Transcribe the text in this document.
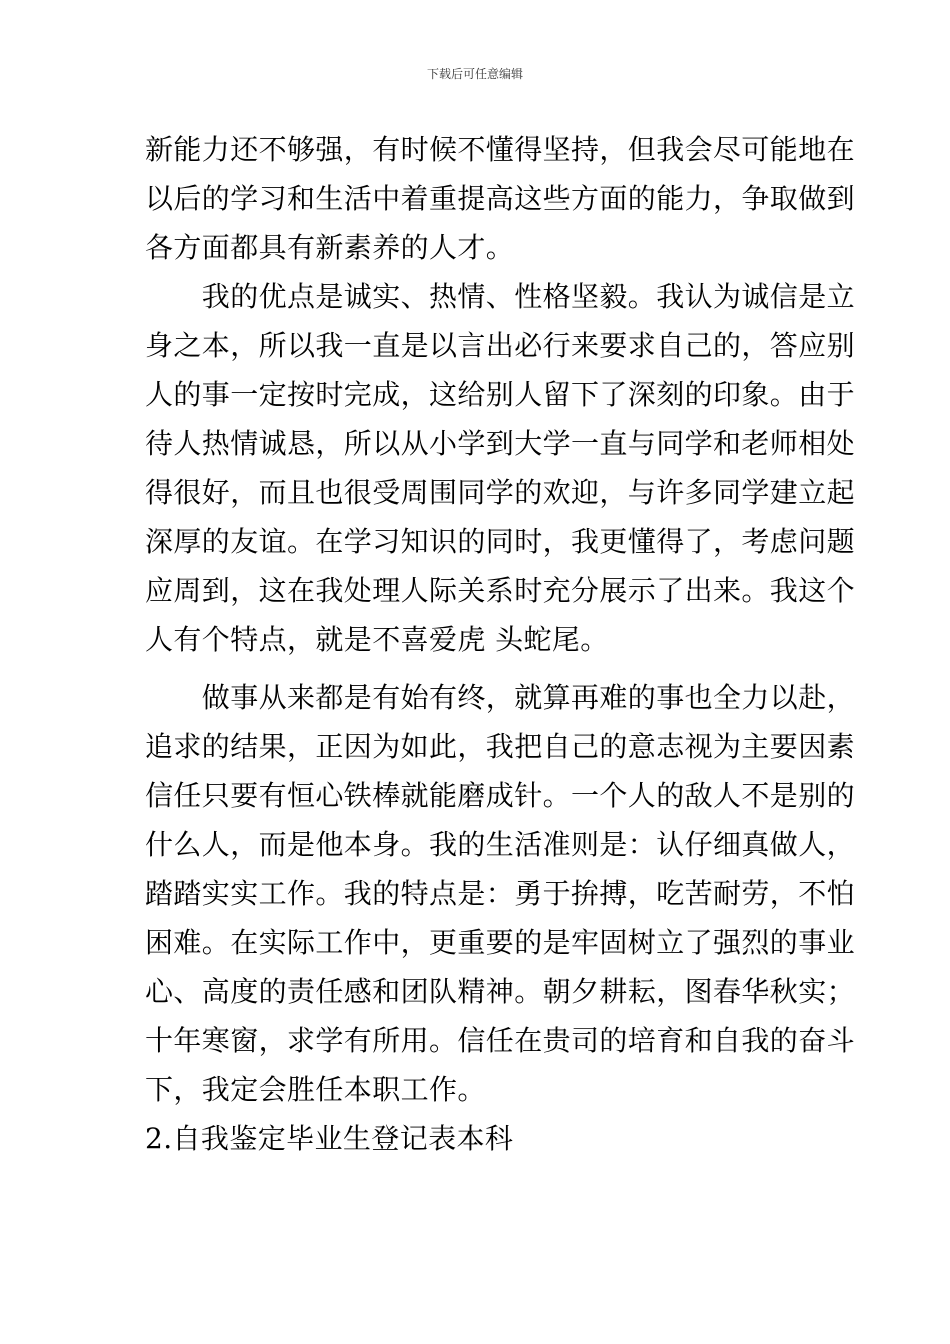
下载后可任意编辑
新能力还不够强，有时候不懂得坚持，但我会尽可能地在
以后的学习和生活中着重提高这些方面的能力，争取做到
各方面都具有新素养的人才。
　　我的优点是诚实、热情、性格坚毅。我认为诚信是立
身之本，所以我一直是以言出必行来要求自己的，答应别
人的事一定按时完成，这给别人留下了深刻的印象。由于
待人热情诚恳，所以从小学到大学一直与同学和老师相处
得很好，而且也很受周围同学的欢迎，与许多同学建立起
深厚的友谊。在学习知识的同时，我更懂得了，考虑问题
应周到，这在我处理人际关系时充分展示了出来。我这个
人有个特点，就是不喜爱虎 头蛇尾。
　　做事从来都是有始有终，就算再难的事也全力以赴，
追求的结果，正因为如此，我把自己的意志视为主要因素
信任只要有恒心铁棒就能磨成针。一个人的敌人不是别的
什么人，而是他本身。我的生活准则是：认仔细真做人，
踏踏实实工作。我的特点是：勇于拚搏，吃苦耐劳，不怕
困难。在实际工作中，更重要的是牢固树立了强烈的事业
心、高度的责任感和团队精神。朝夕耕耘，图春华秋实；
十年寒窗，求学有所用。信任在贵司的培育和自我的奋斗
下，我定会胜任本职工作。
2.自我鉴定毕业生登记表本科
